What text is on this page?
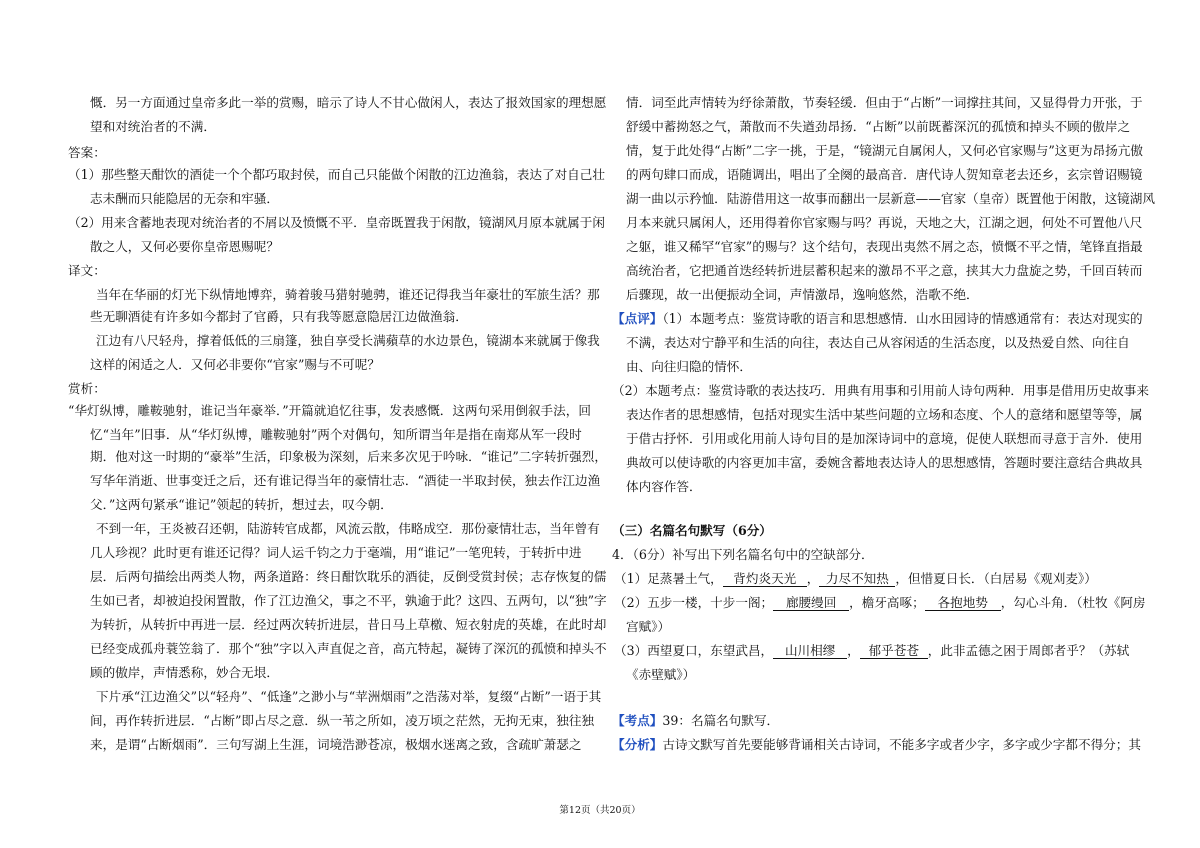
慨．另一方面通过皇帝多此一举的赏赐，暗示了诗人不甘心做闲人，表达了报效国家的理想愿
望和对统治者的不满．
答案：
（1）那些整天酣饮的酒徒一个个都巧取封侯，而自己只能做个闲散的江边渔翁，表达了对自己壮
志未酬而只能隐居的无奈和牢骚．
（2）用来含蓄地表现对统治者的不屑以及愤慨不平．皇帝既置我于闲散，镜湖风月原本就属于闲
散之人，又何必要你皇帝恩赐呢？
译文：
当年在华丽的灯光下纵情地博弈，骑着骏马猎射驰骋，谁还记得我当年豪壮的军旅生活？那
些无聊酒徒有许多如今都封了官爵，只有我等愿意隐居江边做渔翁．
江边有八尺轻舟，撑着低低的三扇篷，独自享受长满蘋草的水边景色，镜湖本来就属于像我
这样的闲适之人．又何必非要你“官家”赐与不可呢？
赏析：
“华灯纵博，雕鞍驰射，谁记当年豪举．”开篇就追忆往事，发表感慨．这两句采用倒叙手法，回
忆“当年”旧事．从“华灯纵博，雕鞍驰射”两个对偶句，知所谓当年是指在南郑从军一段时
期．他对这一时期的“豪举”生活，印象极为深刻，后来多次见于吟咏．“谁记”二字转折强烈，
写华年消逝、世事变迁之后，还有谁记得当年的豪情壮志．“酒徒一半取封侯，独去作江边渔
父．”这两句紧承“谁记”领起的转折，想过去，叹今朝．
不到一年，王炎被召还朝，陆游转官成都，风流云散，伟略成空．那份豪情壮志，当年曾有
几人珍视？此时更有谁还记得？词人运千钧之力于毫端，用“谁记”一笔兜转，于转折中进
层．后两句描绘出两类人物，两条道路：终日酣饮耽乐的酒徒，反倒受赏封侯；志存恢复的儒
生如已者，却被迫投闲置散，作了江边渔父，事之不平，孰逾于此？这四、五两句，以“独”字
为转折，从转折中再进一层．经过两次转折进层，昔日马上草檄、短衣射虎的英雄，在此时却
已经变成孤舟蓑笠翁了．那个“独”字以入声直促之音，高亢特起，凝铸了深沉的孤愤和掉头不
顾的傲岸，声情悉称，妙合无垠．
下片承“江边渔父”以“轻舟”、“低逢”之渺小与“苹洲烟雨”之浩荡对举，复缀“占断”一语于其
间，再作转折进层．“占断”即占尽之意．纵一苇之所如，凌万顷之茫然，无拘无束，独往独
来，是谓“占断烟雨”．三句写湖上生涯，词境浩渺苍凉，极烟水迷离之致，含疏旷萧瑟之
情．词至此声情转为纾徐萧散，节奏轻缓．但由于“占断”一词撑拄其间，又显得骨力开张，于
舒缓中蓄拗怒之气，萧散而不失遒劲昂扬．“占断”以前既蓄深沉的孤愤和掉头不顾的傲岸之
情，复于此处得“占断”二字一挑，于是，“镜湖元自属闲人，又何必官家赐与”这更为昂扬亢傲
的两句肆口而成，语随调出，唱出了全阕的最高音．唐代诗人贺知章老去还乡，玄宗曾诏赐镜
湖一曲以示矜恤．陆游借用这一故事而翻出一层新意——官家（皇帝）既置他于闲散，这镜湖风
月本来就只属闲人，还用得着你官家赐与吗？再说，天地之大，江湖之迥，何处不可置他八尺
之躯，谁又稀罕“官家”的赐与？这个结句，表现出夷然不屑之态，愤慨不平之情，笔锋直指最
高统治者，它把通首迭经转折进层蓄积起来的激昂不平之意，挟其大力盘旋之势，千回百转而
后骤现，故一出便振动全词，声情激昂，逸响悠然，浩歌不绝．
【点评】（1）本题考点：鉴赏诗歌的语言和思想感情．山水田园诗的情感通常有：表达对现实的
不满，表达对宁静平和生活的向往，表达自己从容闲适的生活态度，以及热爱自然、向往自
由、向往归隐的情怀．
（2）本题考点：鉴赏诗歌的表达技巧．用典有用事和引用前人诗句两种．用事是借用历史故事来
表达作者的思想感情，包括对现实生活中某些问题的立场和态度、个人的意绪和愿望等等，属
于借古抒怀．引用或化用前人诗句目的是加深诗词中的意境，促使人联想而寻意于言外．使用
典故可以使诗歌的内容更加丰富，委婉含蓄地表达诗人的思想感情，答题时要注意结合典故具
体内容作答．
（三）名篇名句默写（6分）
4．（6分）补写出下列名篇名句中的空缺部分．
（1）足蒸暑土气， 背灼炎天光 ， 力尽不知热 ，但惜夏日长．（白居易《观刈麦》）
（2）五步一楼，十步一阁； 廊腰缦回 ，檐牙高啄； 各抱地势 ，勾心斗角．（杜牧《阿房
宫赋》）
（3）西望夏口，东望武昌， 山川相缪 ， 郁乎苍苍 ，此非孟德之困于周郎者乎？（苏轼
《赤壁赋》）
【考点】39：名篇名句默写．
【分析】古诗文默写首先要能够背诵相关古诗词，不能多字或者少字，多字或少字都不得分；其
第12页（共20页）
